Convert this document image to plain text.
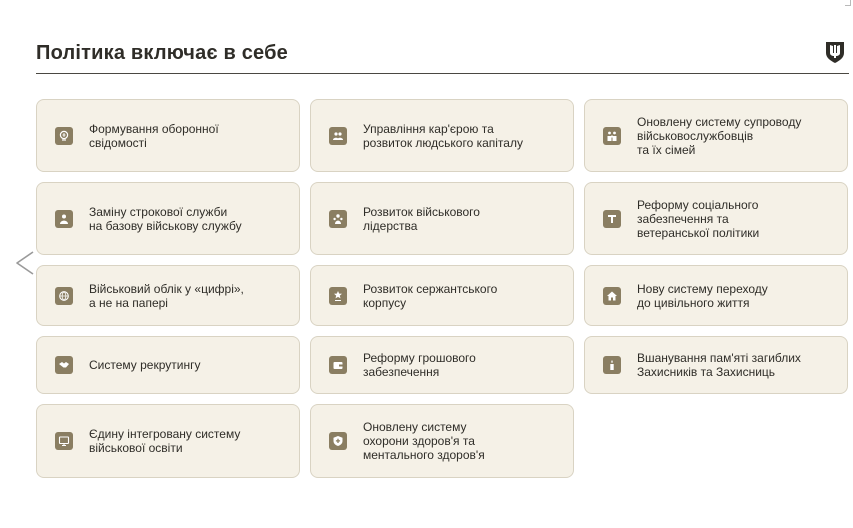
Політика включає в себе
Формування оборонної
свідомості
Управління кар'єрою та
розвиток людського капіталу
Оновлену систему супроводу
військовослужбовців
та їх сімей
Заміну строкової служби
на базову військову службу
Розвиток військового
лідерства
Реформу соціального
забезпечення та
ветеранської політики
Військовий облік у «цифрі»,
а не на папері
Розвиток сержантського
корпусу
Нову систему переходу
до цивільного життя
Систему рекрутингу	Реформу грошового
забезпечення
Вшанування пам'яті загиблих
Захисників та Захисниць
Єдину інтегровану систему
військової освіти
Оновлену систему
охорони здоров'я та
ментального здоров'я
